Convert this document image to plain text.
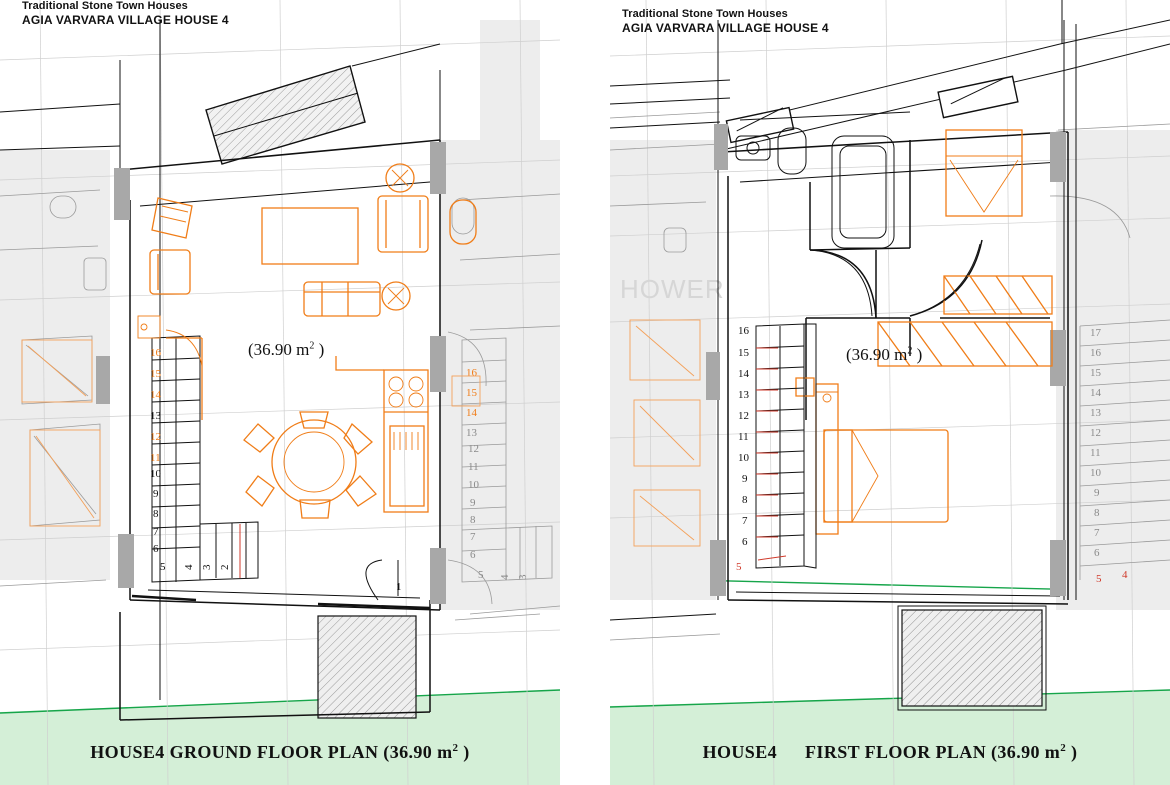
Traditional Stone Town Houses
AGIA VARVARA VILLAGE HOUSE 4
16
15
14
13
12
11
10
9
8
7
6
5 4 3 2
16
15
14
13
12
11
10
9
8
7
6
5 4 3
1
(36.90 $m^2$ )
HOUSE4 GROUND FLOOR PLAN (36.90 $m^2$ )
Traditional Stone Town Houses
AGIA VARVARA VILLAGE HOUSE 4
HOWER
16
15
14
13
12
11
10
9
8
7
6
5
17
16
15
14
13
12
11
10
9
8
7
6
5 4
(36.90 $m^2$ )
HOUSE4 FIRST FLOOR PLAN (36.90 $m^2$ )
